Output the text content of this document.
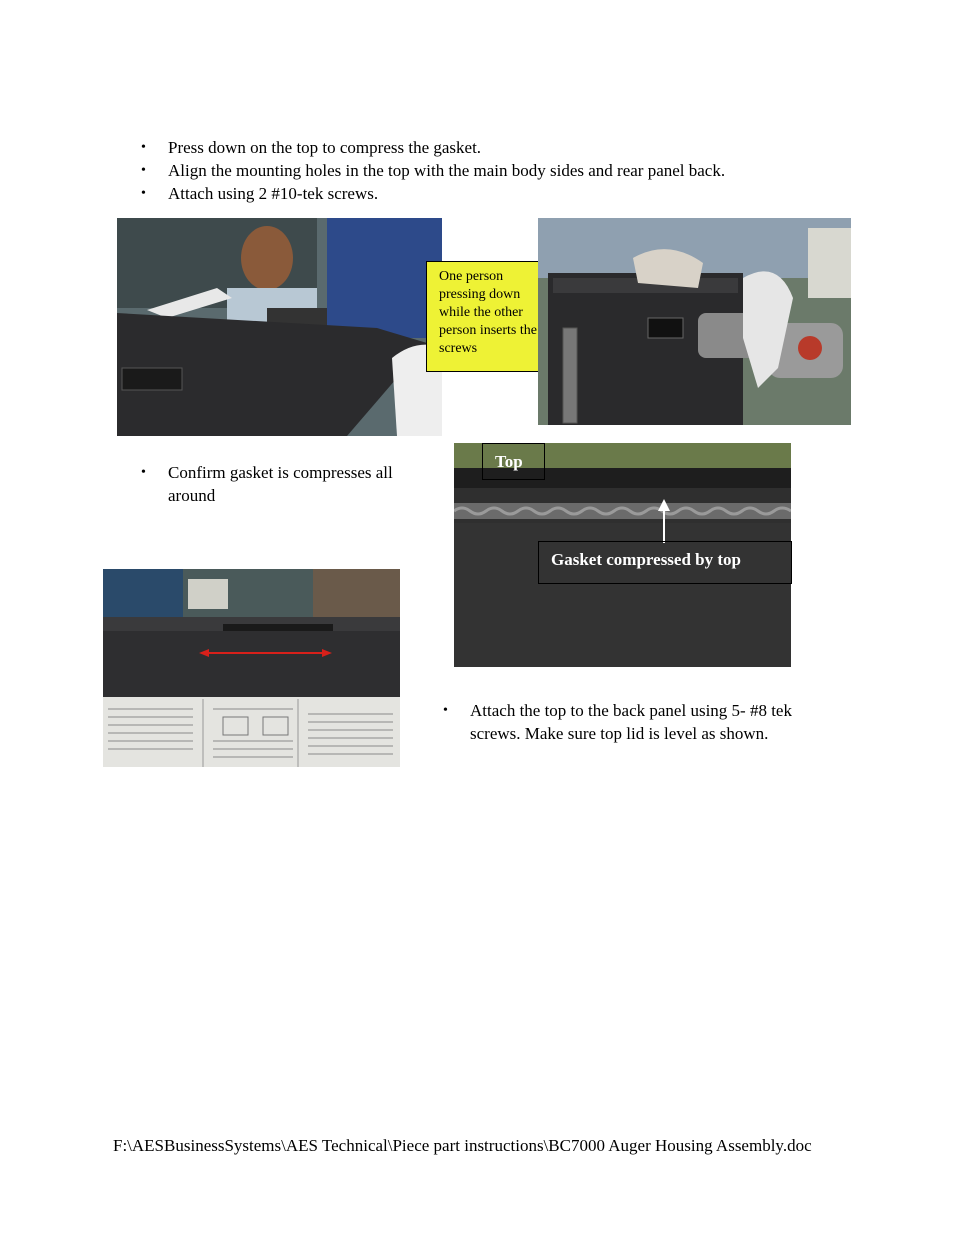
• Press down on the top to compress the gasket.
• Align the mounting holes in the top with the main body sides and rear panel back.
• Attach using 2 #10-tek screws.
One person pressing down while the other person inserts the screws
• Confirm gasket is compresses all around
Top
Gasket compressed by top
• Attach the top to the back panel using 5- #8 tek screws. Make sure top lid is level as shown.
F:\AESBusinessSystems\AES Technical\Piece part instructions\BC7000 Auger Housing Assembly.doc
